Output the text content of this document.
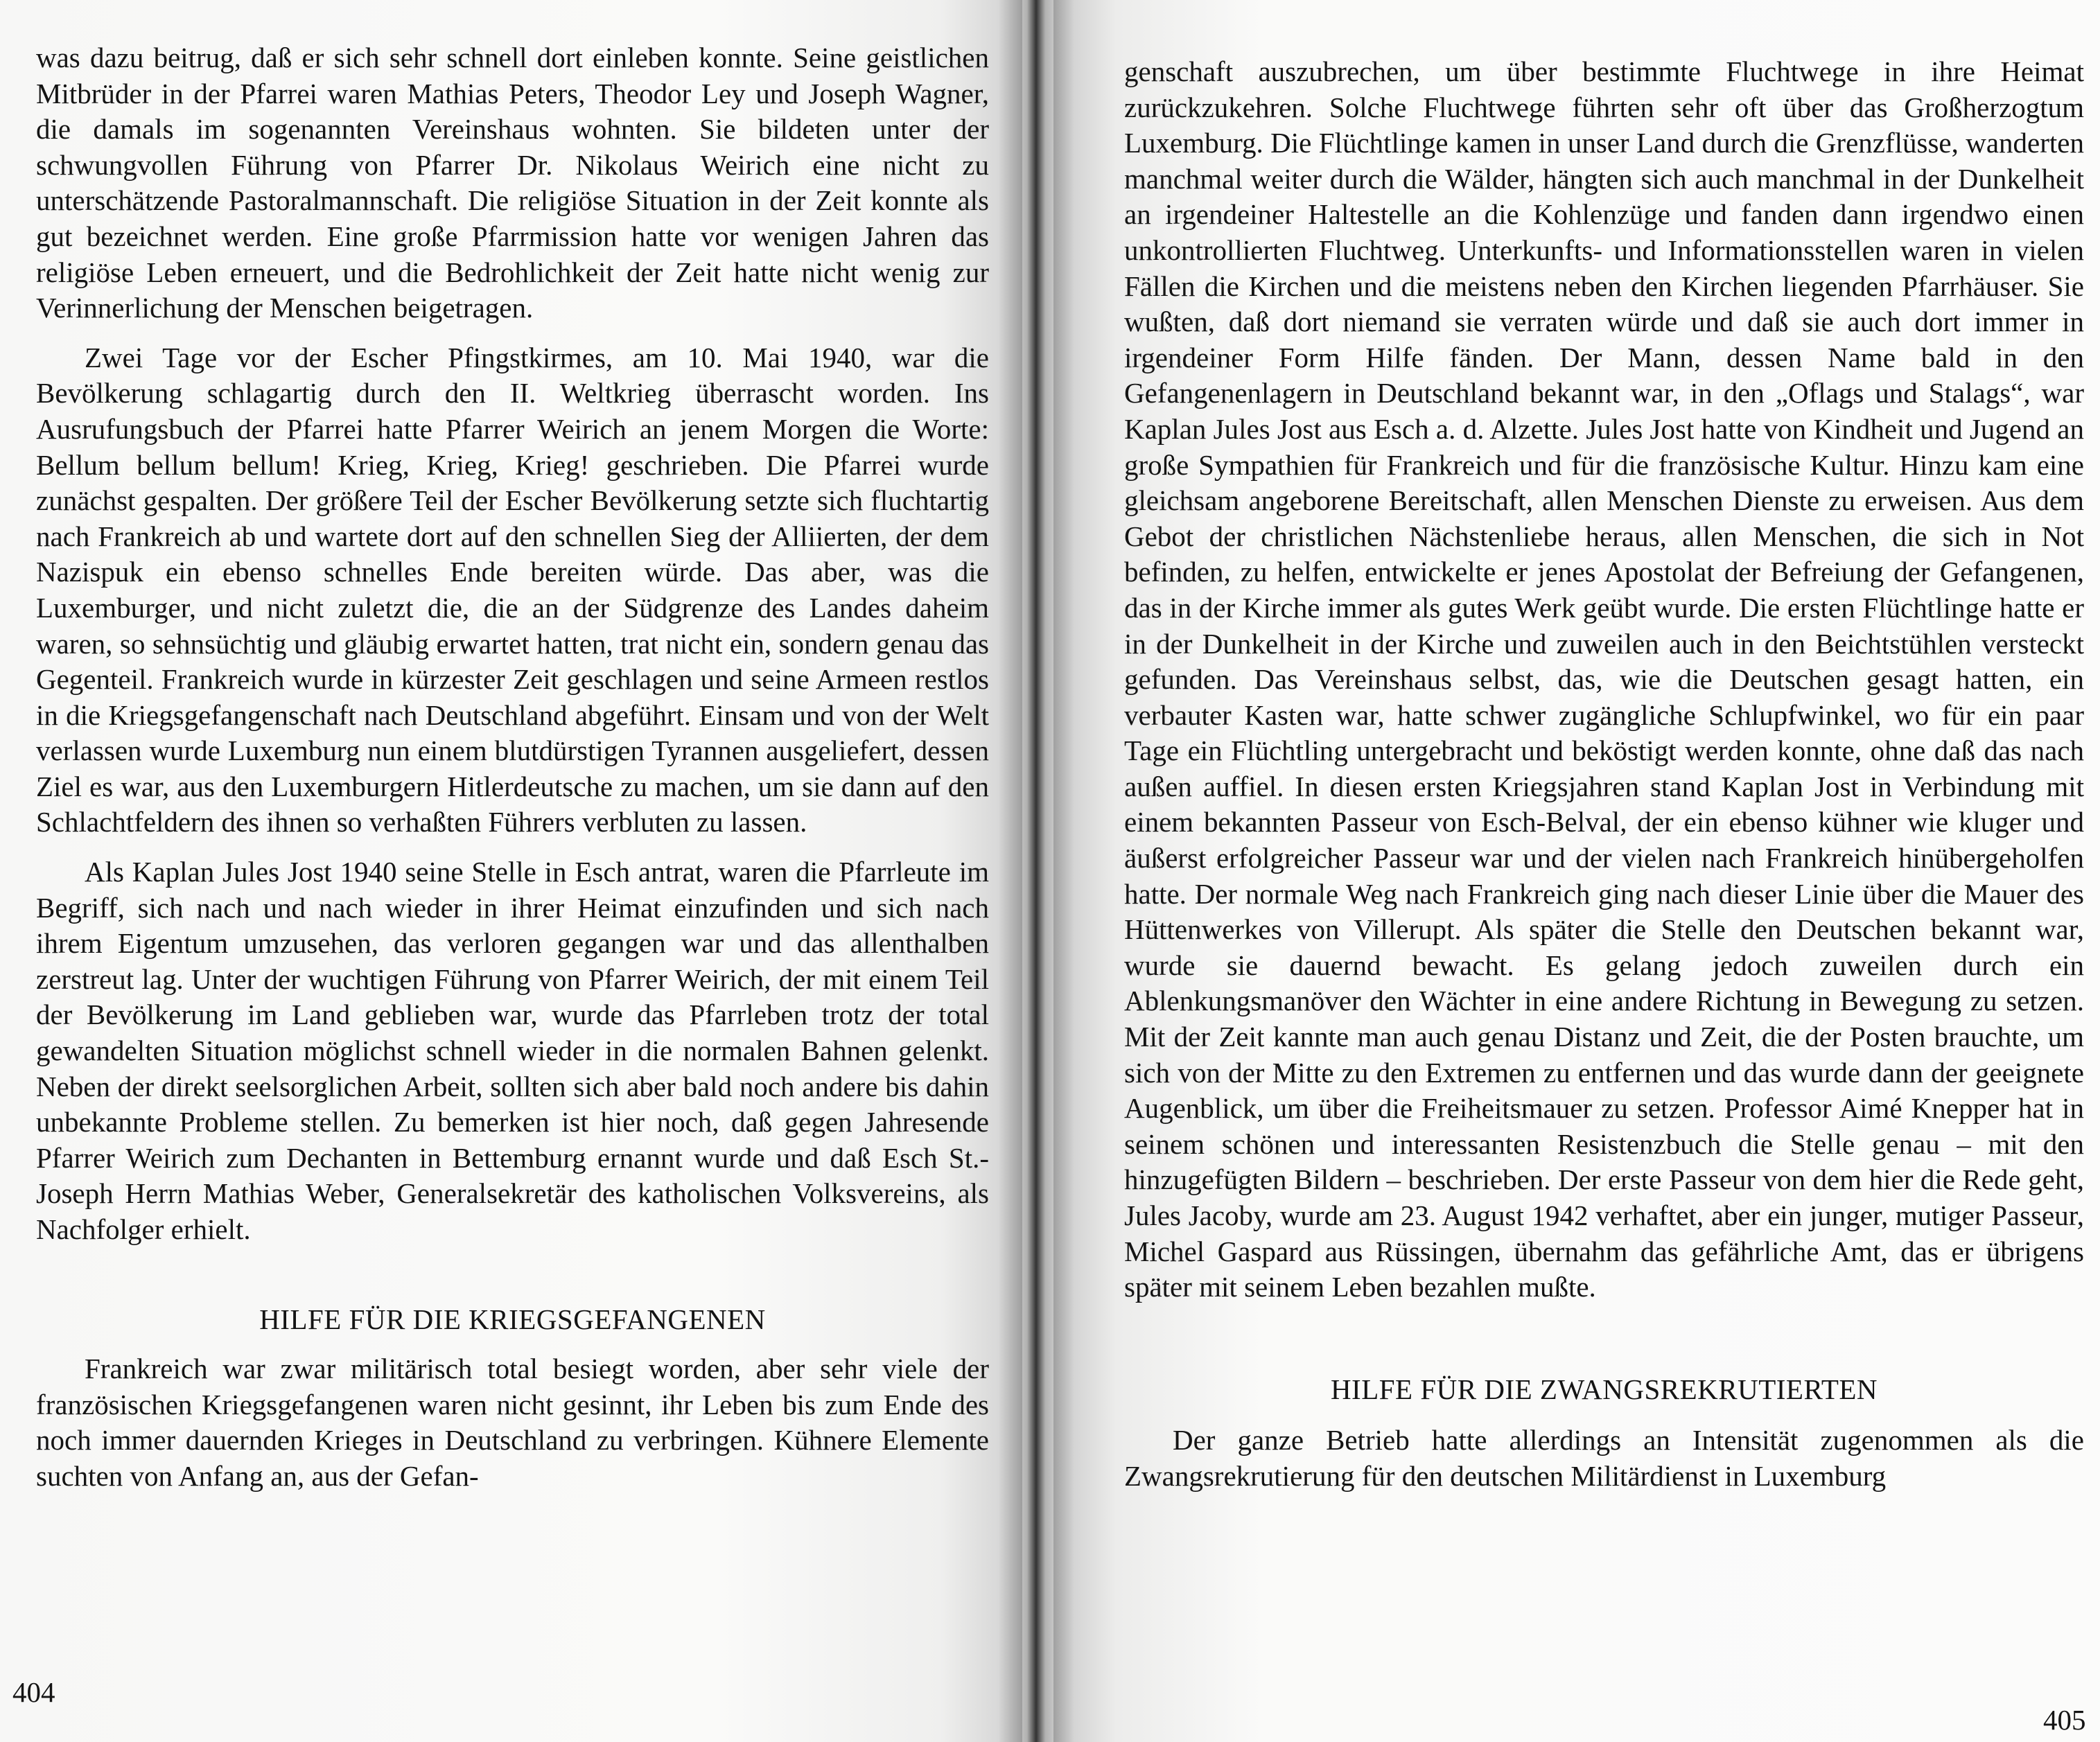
was dazu beitrug, daß er sich sehr schnell dort einleben konnte. Seine geistlichen Mitbrüder in der Pfarrei waren Mathias Peters, Theodor Ley und Joseph Wagner, die damals im sogenannten Vereinshaus wohnten. Sie bildeten unter der schwungvollen Führung von Pfarrer Dr. Nikolaus Weirich eine nicht zu unterschätzende Pastoralmannschaft. Die religiöse Situation in der Zeit konnte als gut bezeichnet werden. Eine große Pfarrmission hatte vor wenigen Jahren das religiöse Leben erneuert, und die Bedrohlichkeit der Zeit hatte nicht wenig zur Verinnerlichung der Menschen beigetragen.

Zwei Tage vor der Escher Pfingstkirmes, am 10. Mai 1940, war die Bevölkerung schlagartig durch den II. Weltkrieg überrascht worden. Ins Ausrufungsbuch der Pfarrei hatte Pfarrer Weirich an jenem Morgen die Worte: Bellum bellum bellum! Krieg, Krieg, Krieg! geschrieben. Die Pfarrei wurde zunächst gespalten. Der größere Teil der Escher Bevölkerung setzte sich fluchtartig nach Frankreich ab und wartete dort auf den schnellen Sieg der Alliierten, der dem Nazispuk ein ebenso schnelles Ende bereiten würde. Das aber, was die Luxemburger, und nicht zuletzt die, die an der Südgrenze des Landes daheim waren, so sehnsüchtig und gläubig erwartet hatten, trat nicht ein, sondern genau das Gegenteil. Frankreich wurde in kürzester Zeit geschlagen und seine Armeen restlos in die Kriegsgefangenschaft nach Deutschland abgeführt. Einsam und von der Welt verlassen wurde Luxemburg nun einem blutdürstigen Tyrannen ausgeliefert, dessen Ziel es war, aus den Luxemburgern Hitlerdeutsche zu machen, um sie dann auf den Schlachtfeldern des ihnen so verhaßten Führers verbluten zu lassen.

Als Kaplan Jules Jost 1940 seine Stelle in Esch antrat, waren die Pfarrleute im Begriff, sich nach und nach wieder in ihrer Heimat einzufinden und sich nach ihrem Eigentum umzusehen, das verloren gegangen war und das allenthalben zerstreut lag. Unter der wuchtigen Führung von Pfarrer Weirich, der mit einem Teil der Bevölkerung im Land geblieben war, wurde das Pfarrleben trotz der total gewandelten Situation möglichst schnell wieder in die normalen Bahnen gelenkt. Neben der direkt seelsorglichen Arbeit, sollten sich aber bald noch andere bis dahin unbekannte Probleme stellen. Zu bemerken ist hier noch, daß gegen Jahresende Pfarrer Weirich zum Dechanten in Bettemburg ernannt wurde und daß Esch St.-Joseph Herrn Mathias Weber, Generalsekretär des katholischen Volksvereins, als Nachfolger erhielt.

HILFE FÜR DIE KRIEGSGEFANGENEN

Frankreich war zwar militärisch total besiegt worden, aber sehr viele der französischen Kriegsgefangenen waren nicht gesinnt, ihr Leben bis zum Ende des noch immer dauernden Krieges in Deutschland zu verbringen. Kühnere Elemente suchten von Anfang an, aus der Gefan-

404

genschaft auszubrechen, um über bestimmte Fluchtwege in ihre Heimat zurückzukehren. Solche Fluchtwege führten sehr oft über das Großherzogtum Luxemburg. Die Flüchtlinge kamen in unser Land durch die Grenzflüsse, wanderten manchmal weiter durch die Wälder, hängten sich auch manchmal in der Dunkelheit an irgendeiner Haltestelle an die Kohlenzüge und fanden dann irgendwo einen unkontrollierten Fluchtweg. Unterkunfts- und Informationsstellen waren in vielen Fällen die Kirchen und die meistens neben den Kirchen liegenden Pfarrhäuser. Sie wußten, daß dort niemand sie verraten würde und daß sie auch dort immer in irgendeiner Form Hilfe fänden. Der Mann, dessen Name bald in den Gefangenenlagern in Deutschland bekannt war, in den „Oflags und Stalags“, war Kaplan Jules Jost aus Esch a. d. Alzette. Jules Jost hatte von Kindheit und Jugend an große Sympathien für Frankreich und für die französische Kultur. Hinzu kam eine gleichsam angeborene Bereitschaft, allen Menschen Dienste zu erweisen. Aus dem Gebot der christlichen Nächstenliebe heraus, allen Menschen, die sich in Not befinden, zu helfen, entwickelte er jenes Apostolat der Befreiung der Gefangenen, das in der Kirche immer als gutes Werk geübt wurde. Die ersten Flüchtlinge hatte er in der Dunkelheit in der Kirche und zuweilen auch in den Beichtstühlen versteckt gefunden. Das Vereinshaus selbst, das, wie die Deutschen gesagt hatten, ein verbauter Kasten war, hatte schwer zugängliche Schlupfwinkel, wo für ein paar Tage ein Flüchtling untergebracht und beköstigt werden konnte, ohne daß das nach außen auffiel. In diesen ersten Kriegsjahren stand Kaplan Jost in Verbindung mit einem bekannten Passeur von Esch-Belval, der ein ebenso kühner wie kluger und äußerst erfolgreicher Passeur war und der vielen nach Frankreich hinübergeholfen hatte. Der normale Weg nach Frankreich ging nach dieser Linie über die Mauer des Hüttenwerkes von Villerupt. Als später die Stelle den Deutschen bekannt war, wurde sie dauernd bewacht. Es gelang jedoch zuweilen durch ein Ablenkungsmanöver den Wächter in eine andere Richtung in Bewegung zu setzen. Mit der Zeit kannte man auch genau Distanz und Zeit, die der Posten brauchte, um sich von der Mitte zu den Extremen zu entfernen und das wurde dann der geeignete Augenblick, um über die Freiheitsmauer zu setzen. Professor Aimé Knepper hat in seinem schönen und interessanten Resistenzbuch die Stelle genau – mit den hinzugefügten Bildern – beschrieben. Der erste Passeur von dem hier die Rede geht, Jules Jacoby, wurde am 23. August 1942 verhaftet, aber ein junger, mutiger Passeur, Michel Gaspard aus Rüssingen, übernahm das gefährliche Amt, das er übrigens später mit seinem Leben bezahlen mußte.

HILFE FÜR DIE ZWANGSREKRUTIERTEN

Der ganze Betrieb hatte allerdings an Intensität zugenommen als die Zwangsrekrutierung für den deutschen Militärdienst in Luxemburg

405
